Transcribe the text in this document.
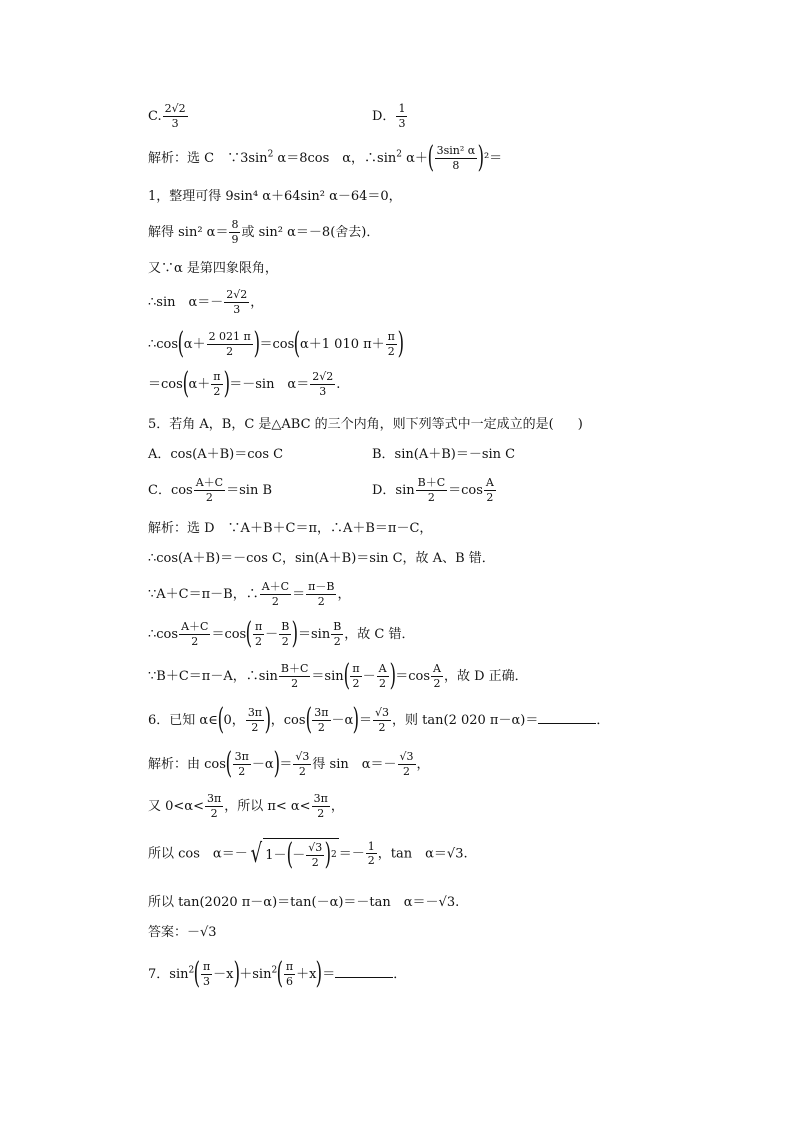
C. $\frac{2√2}{3}$	D． $\frac{1}{3}$
解析：选 C　$\because 3\sin^2$ α＝8cos　α，$\therefore\sin^2$ $\alpha+( \frac{\text{3sin² α}}{8} )^2=$
1，整理可得 9sin⁴ α＋64sin² α－64＝0，
解得 sin² $\alpha= \frac{8}{9}$ 或 sin² α＝－8(舍去)．
又∵α 是第四象限角，
∴sin　$\alpha=- \frac{2√2}{3}$ ，
∴cos(α＋ $\frac{2 021 \pi}{2} )=\cos(\alpha+1$ 010 $\pi+ \frac{\pi}{2}$ )
$=\cos(\alpha+ \frac{\pi}{2} )=-\sin$　$\alpha= \frac{2√2}{3}$ .
5．若角 A，B，C 是△ABC 的三个内角，则下列等式中一定成立的是( )
A．cos(A＋B)＝cos C	B．sin(A＋B)＝－sin C
C．$\cos \frac{A+C}{2} =\sin$ B	D．$\sin \frac{B+C}{2} =\cos \frac{A}{2}$
解析：选 D　∵A＋B＋C＝π，∴A＋B＝π－C，
∴cos(A＋B)＝－cos C，sin(A＋B)＝sin C，故 A、B 错．
∵A＋C＝π－B，∴ $\frac{A+C}{2} = \frac{\pi-B}{2}$ ，
∴cos $\frac{A+C}{2} =\cos( \frac{\pi}{2} - \frac{B}{2} )=\sin \frac{B}{2}$ ，故 C 错．
∵B＋C＝π－A，∴sin $\frac{B+C}{2} =\sin( \frac{\pi}{2} - \frac{A}{2} )=\cos \frac{A}{2}$ ，故 D 正确．
6．已知 α∈(0， $\frac{3\pi}{2}$ )，$\cos( \frac{3\pi}{2} -\alpha)= \frac{√3}{2}$ ，则 tan(2 020 π－α)＝	．
解析：由 $\cos( \frac{3\pi}{2} -\alpha)= \frac{√3}{2}$ 得 sin　$\alpha=- \frac{√3}{2}$ ，
又 $0<\alpha< \frac{3\pi}{2}$ ，所以 $\pi< \alpha< \frac{3\pi}{2}$ ，
所以 cos　α＝－ √ 1－ ( － $\frac{√3}{2}$ ) $2 =- \frac{1}{2}$ ，tan　α＝√3.
所以 tan(2020 π－α)＝tan(－α)＝－tan　α＝－√3.
答案：－√3
7．$\sin^2( \frac{\pi}{3} -x)+\sin^2( \frac{\pi}{6} +x)=$	．
